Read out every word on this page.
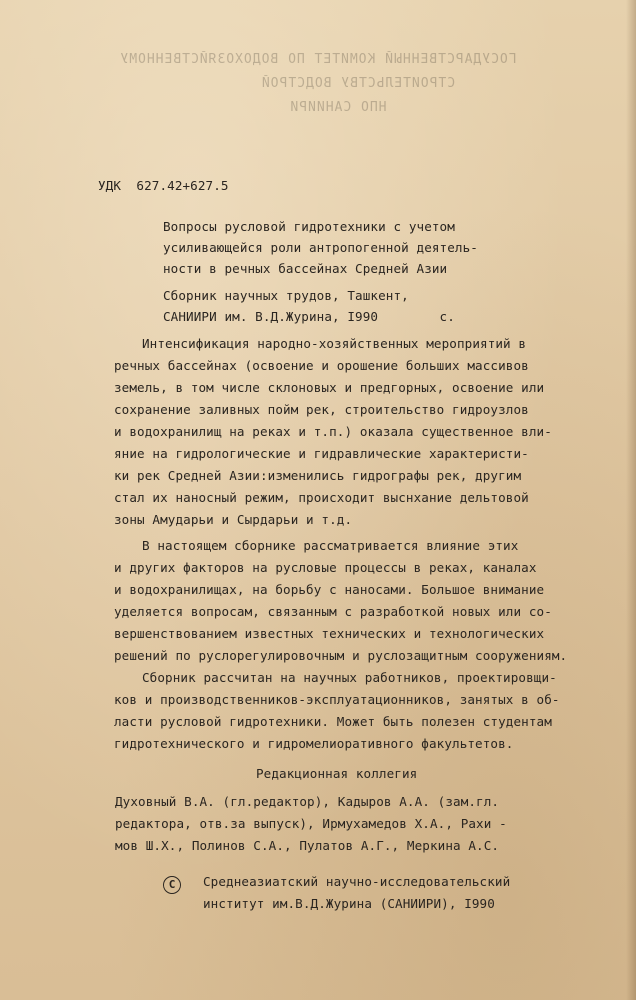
ГОСУДАРСТВЕННЫЙ КОМИТЕТ ПО ВОДОХОЗЯЙСТВЕННОМУ
СТРОИТЕЛЬСТВУ ВОДСТРОЙ
НПО САНИИРИ
УДК  627.42+627.5
Вопросы русловой гидротехники с учетом
усиливающейся роли антропогенной деятель-
ности в речных бассейнах Средней Азии
Сборник научных трудов, Ташкент,
САНИИРИ им. В.Д.Журина, I990        с.
Интенсификация народно-хозяйственных мероприятий в
речных бассейнах (освоение и орошение больших массивов
земель, в том числе склоновых и предгорных, освоение или
сохранение заливных пойм рек, строительство гидроузлов
и водохранилищ на реках и т.п.) оказала существенное вли-
яние на гидрологические и гидравлические характеристи-
ки рек Средней Азии:изменились гидрографы рек, другим
стал их наносный режим, происходит выснхание дельтовой
зоны Амударьи и Сырдарьи и т.д.
В настоящем сборнике рассматривается влияние этих
и других факторов на русловые процессы в реках, каналах
и водохранилищах, на борьбу с наносами. Большое внимание
уделяется вопросам, связанным с разработкой новых или со-
вершенствованием известных технических и технологических
решений по руслорегулировочным и руслозащитным сооружениям.
Сборник рассчитан на научных работников, проектировщи-
ков и производственников-эксплуатационников, занятых в об-
ласти русловой гидротехники. Может быть полезен студентам
гидротехнического и гидромелиоративного факультетов.
Редакционная коллегия
Духовный В.А. (гл.редактор), Кадыров А.А. (зам.гл.
редактора, отв.за выпуск), Ирмухамедов Х.А., Рахи -
мов Ш.Х., Полинов С.А., Пулатов А.Г., Меркина А.С.
C	Среднеазиатский научно-исследовательский
институт им.В.Д.Журина (САНИИРИ), I990
